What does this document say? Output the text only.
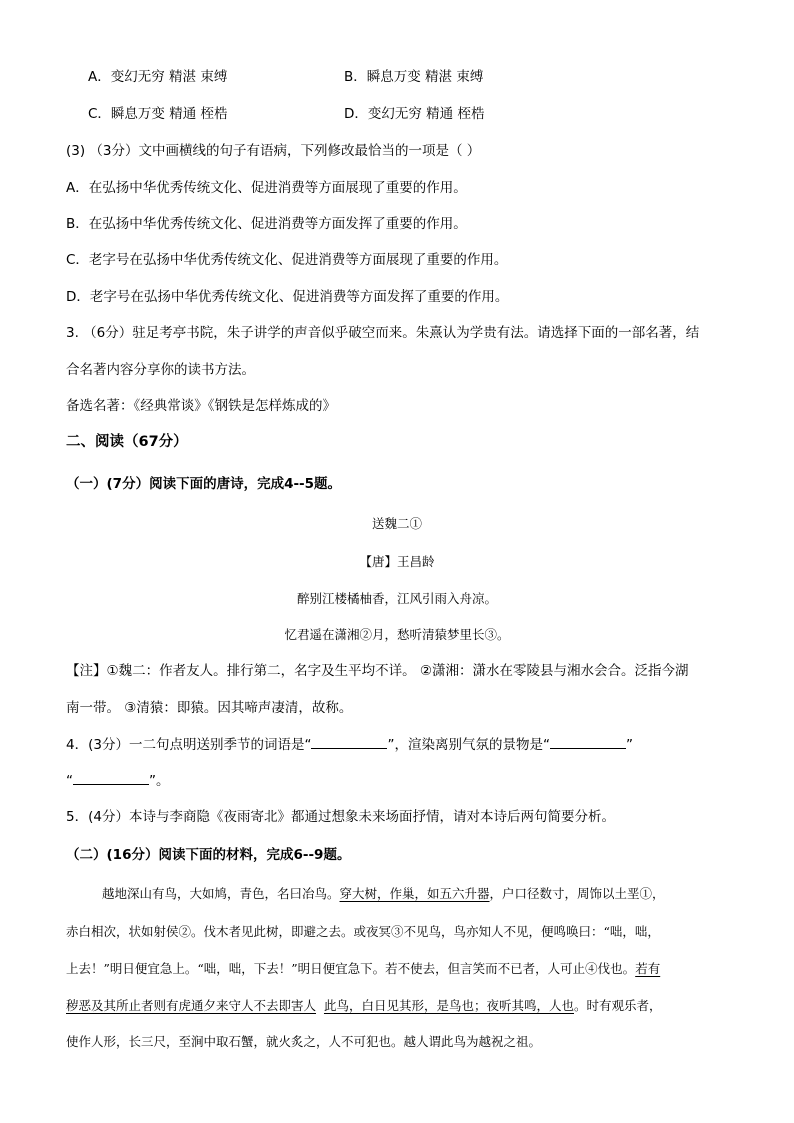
A．变幻无穷 精湛 束缚	B．瞬息万变 精湛 束缚
C．瞬息万变 精通 桎梏	D．变幻无穷 精通 桎梏
(3) （3分）文中画横线的句子有语病，下列修改最恰当的一项是（ ）
A．在弘扬中华优秀传统文化、促进消费等方面展现了重要的作用。
B．在弘扬中华优秀传统文化、促进消费等方面发挥了重要的作用。
C．老字号在弘扬中华优秀传统文化、促进消费等方面展现了重要的作用。
D．老字号在弘扬中华优秀传统文化、促进消费等方面发挥了重要的作用。
3. （6分）驻足考亭书院，朱子讲学的声音似乎破空而来。朱熹认为学贵有法。请选择下面的一部名著，结
合名著内容分享你的读书方法。
备选名著：《经典常谈》《钢铁是怎样炼成的》
二、阅读（67分）
（一）(7分）阅读下面的唐诗，完成4--5题。
送魏二①
【唐】王昌龄
醉别江楼橘柚香，江风引雨入舟凉。
忆君遥在潇湘②月，愁听清猿梦里长③。
【注】①魏二：作者友人。排行第二，名字及生平均不详。 ②潇湘：潇水在零陵县与湘水会合。泛指今湖
南一带。 ③清猿：即猿。因其啼声凄清，故称。
4．(3分）一二句点明送别季节的词语是“	”，渲染离别气氛的景物是“	”
“	”。
5．(4分）本诗与李商隐《夜雨寄北》都通过想象未来场面抒情，请对本诗后两句简要分析。
（二）(16分）阅读下面的材料，完成6--9题。
越地深山有鸟，大如鸠，青色，名曰冶鸟。穿大树，作巢，如五六升器，户口径数寸，周饰以土垩①，
赤白相次，状如射侯②。伐木者见此树，即避之去。或夜冥③不见鸟，鸟亦知人不见，便鸣唤曰：“咄，咄，
上去！”明日便宜急上。“咄，咄，下去！”明日便宜急下。若不使去，但言笑而不已者，人可止④伐也。若有
秽恶及其所止者则有虎通夕来守人不去即害人 此鸟，白日见其形，是鸟也；夜听其鸣，人也。时有观乐者，
使作人形，长三尺，至涧中取石蟹，就火炙之，人不可犯也。越人谓此鸟为越祝之祖。
